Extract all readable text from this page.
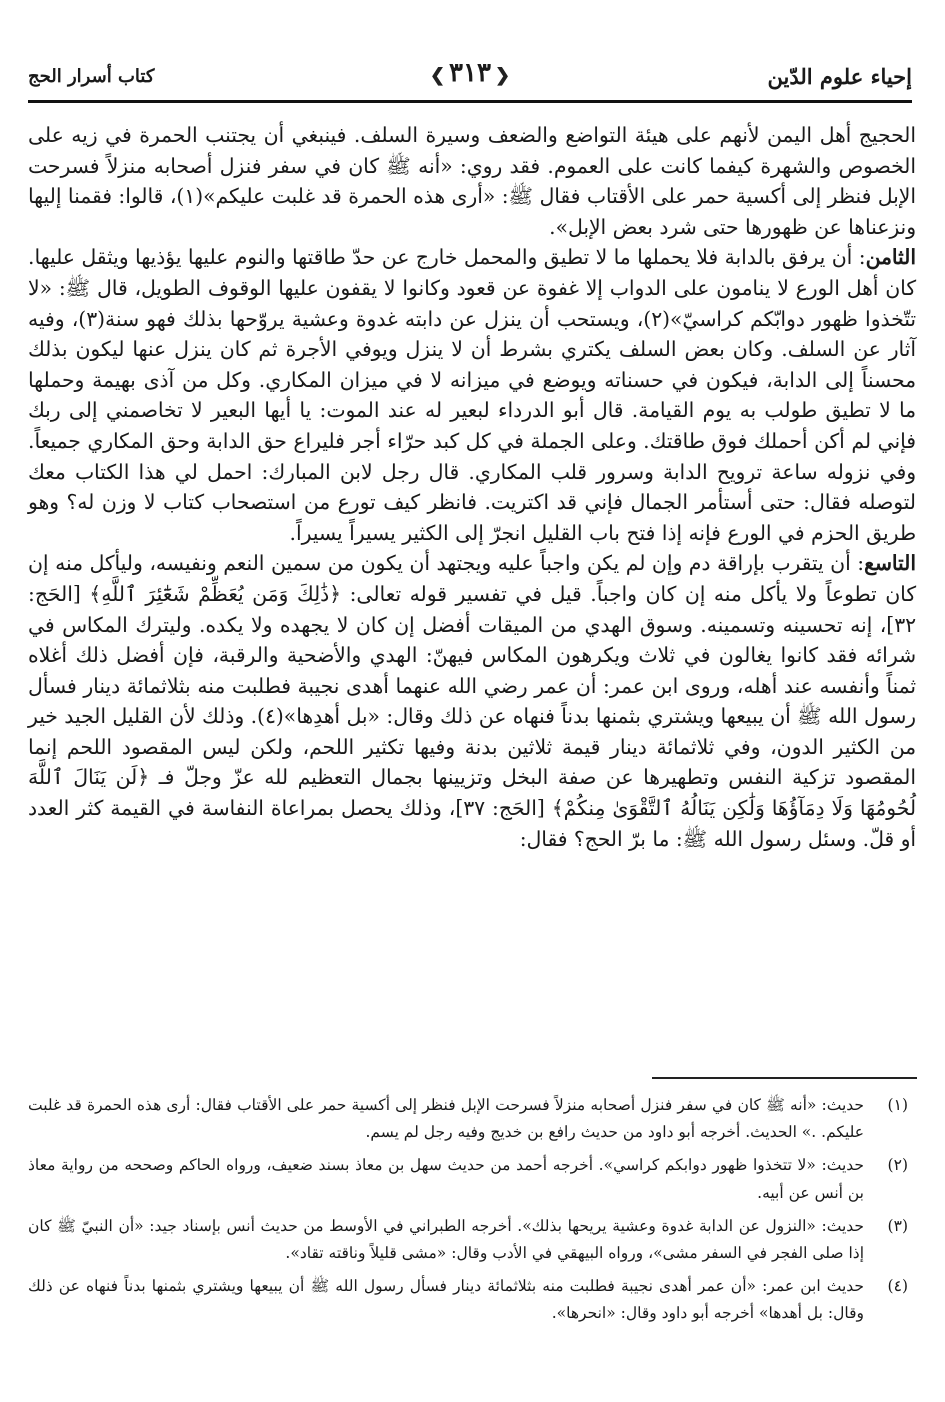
إحياء علوم الدّين
❮٣١٣❯
كتاب أسرار الحج

الحجيج أهل اليمن لأنهم على هيئة التواضع والضعف وسيرة السلف. فينبغي أن يجتنب الحمرة في زيه على الخصوص والشهرة كيفما كانت على العموم. فقد روي: «أنه ﷺ كان في سفر فنزل أصحابه منزلاً فسرحت الإبل فنظر إلى أكسية حمر على الأقتاب فقال ﷺ: «أرى هذه الحمرة قد غلبت عليكم»(١)، قالوا: فقمنا إليها ونزعناها عن ظهورها حتى شرد بعض الإبل».

الثامن: أن يرفق بالدابة فلا يحملها ما لا تطيق والمحمل خارج عن حدّ طاقتها والنوم عليها يؤذيها ويثقل عليها. كان أهل الورع لا ينامون على الدواب إلا غفوة عن قعود وكانوا لا يقفون عليها الوقوف الطويل، قال ﷺ: «لا تتّخذوا ظهور دوابّكم كراسيّ»(٢)، ويستحب أن ينزل عن دابته غدوة وعشية يروّحها بذلك فهو سنة(٣)، وفيه آثار عن السلف. وكان بعض السلف يكتري بشرط أن لا ينزل ويوفي الأجرة ثم كان ينزل عنها ليكون بذلك محسناً إلى الدابة، فيكون في حسناته ويوضع في ميزانه لا في ميزان المكاري. وكل من آذى بهيمة وحملها ما لا تطيق طولب به يوم القيامة. قال أبو الدرداء لبعير له عند الموت: يا أيها البعير لا تخاصمني إلى ربك فإني لم أكن أحملك فوق طاقتك. وعلى الجملة في كل كبد حرّاء أجر فليراع حق الدابة وحق المكاري جميعاً. وفي نزوله ساعة ترويح الدابة وسرور قلب المكاري. قال رجل لابن المبارك: احمل لي هذا الكتاب معك لتوصله فقال: حتى أستأمر الجمال فإني قد اكتريت. فانظر كيف تورع من استصحاب كتاب لا وزن له؟ وهو طريق الحزم في الورع فإنه إذا فتح باب القليل انجرّ إلى الكثير يسيراً يسيراً.

التاسع: أن يتقرب بإراقة دم وإن لم يكن واجباً عليه ويجتهد أن يكون من سمين النعم ونفيسه، وليأكل منه إن كان تطوعاً ولا يأكل منه إن كان واجباً. قيل في تفسير قوله تعالى: ﴿ذَٰلِكَ وَمَن يُعَظِّمْ شَعَٰٓئِرَ ٱللَّهِ﴾ [الحَج: ٣٢]، إنه تحسينه وتسمينه. وسوق الهدي من الميقات أفضل إن كان لا يجهده ولا يكده. وليترك المكاس في شرائه فقد كانوا يغالون في ثلاث ويكرهون المكاس فيهنّ: الهدي والأضحية والرقبة، فإن أفضل ذلك أغلاه ثمناً وأنفسه عند أهله، وروى ابن عمر: أن عمر رضي الله عنهما أهدى نجيبة فطلبت منه بثلاثمائة دينار فسأل رسول الله ﷺ أن يبيعها ويشتري بثمنها بدناً فنهاه عن ذلك وقال: «بل أهدِها»(٤). وذلك لأن القليل الجيد خير من الكثير الدون، وفي ثلاثمائة دينار قيمة ثلاثين بدنة وفيها تكثير اللحم، ولكن ليس المقصود اللحم إنما المقصود تزكية النفس وتطهيرها عن صفة البخل وتزيينها بجمال التعظيم لله عزّ وجلّ فـ ﴿لَن يَنَالَ ٱللَّهَ لُحُومُهَا وَلَا دِمَآؤُهَا وَلَٰكِن يَنَالُهُ ٱلتَّقْوَىٰ مِنكُمْ﴾ [الحَج: ٣٧]، وذلك يحصل بمراعاة النفاسة في القيمة كثر العدد أو قلّ. وسئل رسول الله ﷺ: ما برّ الحج؟ فقال:

(١)
حديث: «أنه ﷺ كان في سفر فنزل أصحابه منزلاً فسرحت الإبل فنظر إلى أكسية حمر على الأقتاب فقال: أرى هذه الحمرة قد غلبت عليكم. .» الحديث. أخرجه أبو داود من حديث رافع بن خديج وفيه رجل لم يسم.
(٢)
حديث: «لا تتخذوا ظهور دوابكم كراسي». أخرجه أحمد من حديث سهل بن معاذ بسند ضعيف، ورواه الحاكم وصححه من رواية معاذ بن أنس عن أبيه.
(٣)
حديث: «النزول عن الدابة غدوة وعشية يريحها بذلك». أخرجه الطبراني في الأوسط من حديث أنس بإسناد جيد: «أن النبيّ ﷺ كان إذا صلى الفجر في السفر مشى»، ورواه البيهقي في الأدب وقال: «مشى قليلاً وناقته تقاد».
(٤)
حديث ابن عمر: «أن عمر أهدى نجيبة فطلبت منه بثلاثمائة دينار فسأل رسول الله ﷺ أن يبيعها ويشتري بثمنها بدناً فنهاه عن ذلك وقال: بل أهدها» أخرجه أبو داود وقال: «انحرها».
